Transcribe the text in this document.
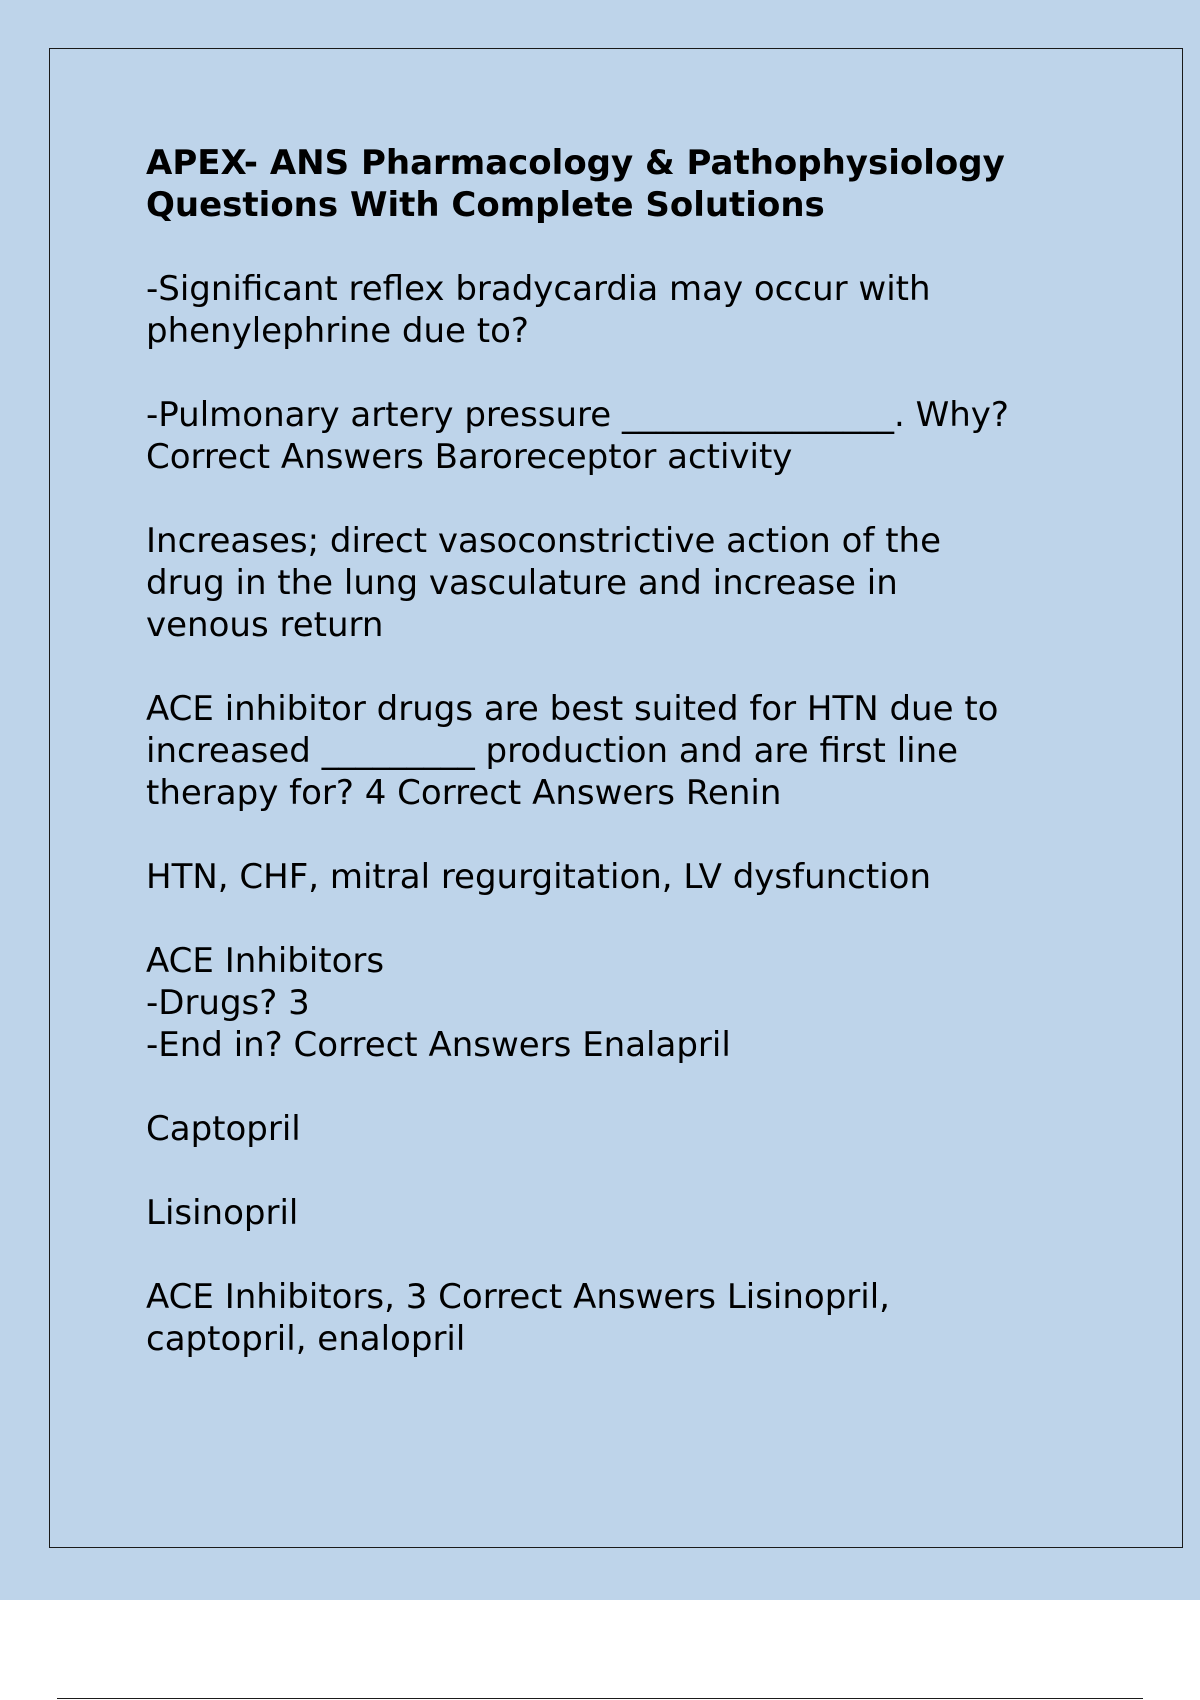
APEX- ANS Pharmacology & Pathophysiology
Questions With Complete Solutions
-Significant reflex bradycardia may occur with
phenylephrine due to?
-Pulmonary artery pressure ________________. Why?
Correct Answers Baroreceptor activity
Increases; direct vasoconstrictive action of the
drug in the lung vasculature and increase in
venous return
ACE inhibitor drugs are best suited for HTN due to
increased _________ production and are first line
therapy for? 4 Correct Answers Renin
HTN, CHF, mitral regurgitation, LV dysfunction
ACE Inhibitors
-Drugs? 3
-End in? Correct Answers Enalapril
Captopril
Lisinopril
ACE Inhibitors, 3 Correct Answers Lisinopril,
captopril, enalopril
